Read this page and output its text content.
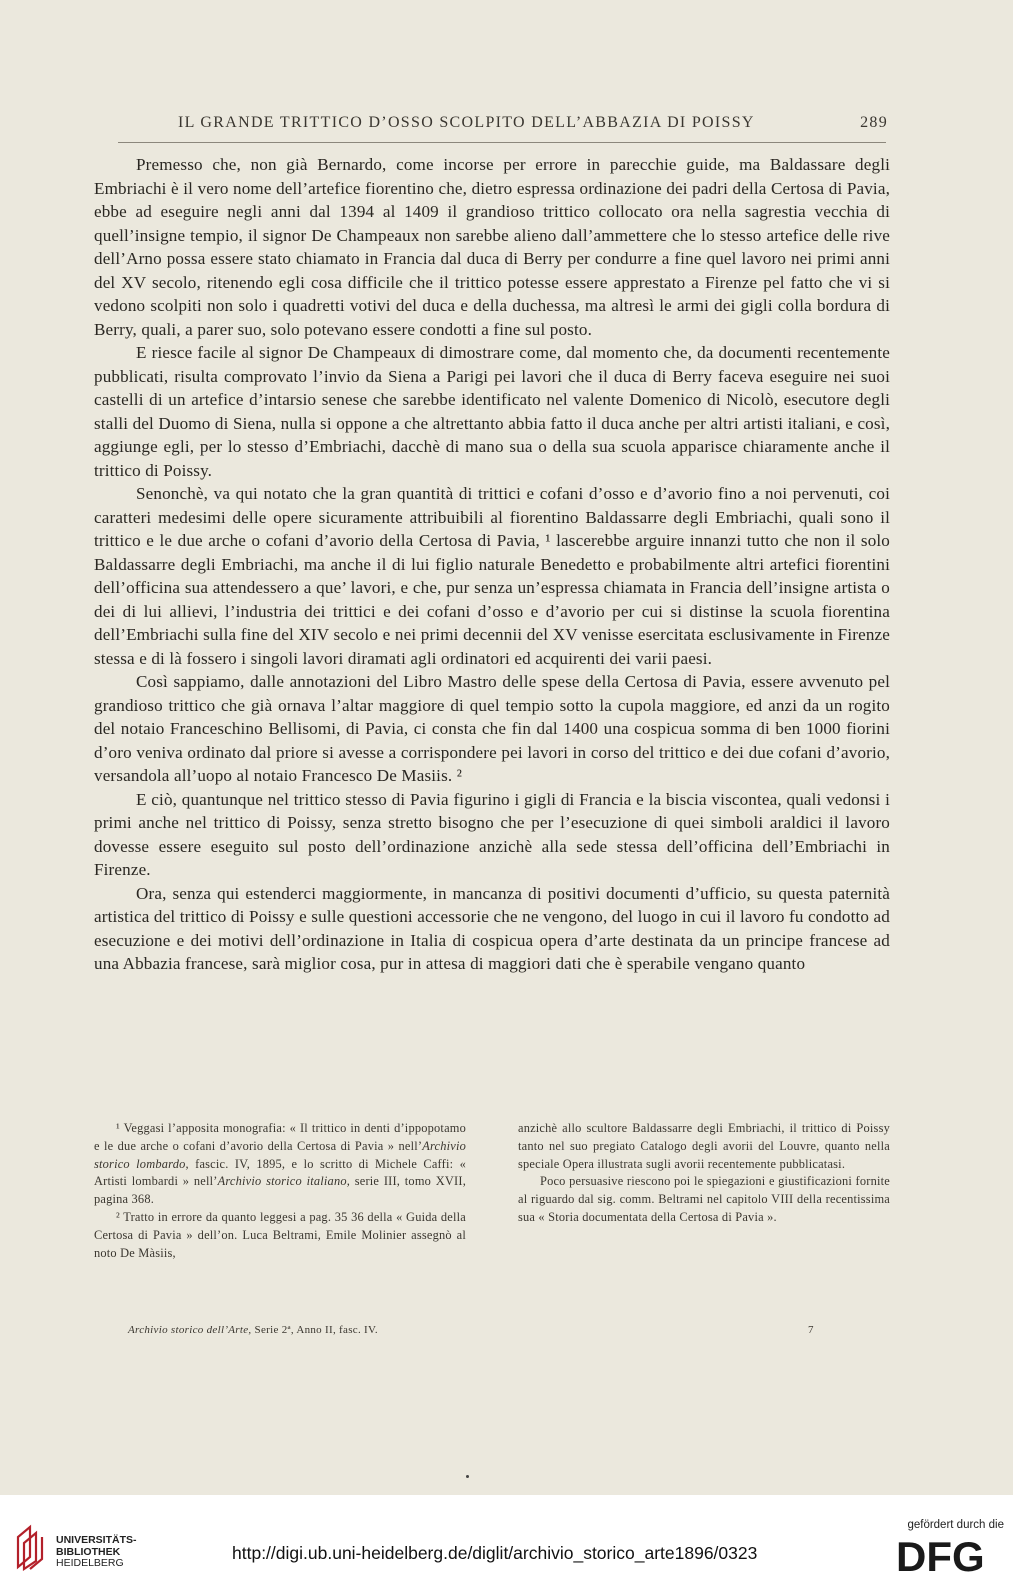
IL GRANDE TRITTICO D’OSSO SCOLPITO DELL’ABBAZIA DI POISSY	289

Premesso che, non già Bernardo, come incorse per errore in parecchie guide, ma Baldassare degli Embriachi è il vero nome dell’artefice fiorentino che, dietro espressa ordinazione dei padri della Certosa di Pavia, ebbe ad eseguire negli anni dal 1394 al 1409 il grandioso trittico collocato ora nella sagrestia vecchia di quell’insigne tempio, il signor De Champeaux non sarebbe alieno dall’ammettere che lo stesso artefice delle rive dell’Arno possa essere stato chiamato in Francia dal duca di Berry per condurre a fine quel lavoro nei primi anni del XV secolo, ritenendo egli cosa difficile che il trittico potesse essere apprestato a Firenze pel fatto che vi si vedono scolpiti non solo i quadretti votivi del duca e della duchessa, ma altresì le armi dei gigli colla bordura di Berry, quali, a parer suo, solo potevano essere condotti a fine sul posto.

E riesce facile al signor De Champeaux di dimostrare come, dal momento che, da documenti recentemente pubblicati, risulta comprovato l’invio da Siena a Parigi pei lavori che il duca di Berry faceva eseguire nei suoi castelli di un artefice d’intarsio senese che sarebbe identificato nel valente Domenico di Nicolò, esecutore degli stalli del Duomo di Siena, nulla si oppone a che altrettanto abbia fatto il duca anche per altri artisti italiani, e così, aggiunge egli, per lo stesso d’Embriachi, dacchè di mano sua o della sua scuola apparisce chiaramente anche il trittico di Poissy.

Senonchè, va qui notato che la gran quantità di trittici e cofani d’osso e d’avorio fino a noi pervenuti, coi caratteri medesimi delle opere sicuramente attribuibili al fiorentino Baldassarre degli Embriachi, quali sono il trittico e le due arche o cofani d’avorio della Certosa di Pavia, ¹ lascerebbe arguire innanzi tutto che non il solo Baldassarre degli Embriachi, ma anche il di lui figlio naturale Benedetto e probabilmente altri artefici fiorentini dell’officina sua attendessero a que’ lavori, e che, pur senza un’espressa chiamata in Francia dell’insigne artista o dei di lui allievi, l’industria dei trittici e dei cofani d’osso e d’avorio per cui si distinse la scuola fiorentina dell’Embriachi sulla fine del XIV secolo e nei primi decennii del XV venisse esercitata esclusivamente in Firenze stessa e di là fossero i singoli lavori diramati agli ordinatori ed acquirenti dei varii paesi.

Così sappiamo, dalle annotazioni del Libro Mastro delle spese della Certosa di Pavia, essere avvenuto pel grandioso trittico che già ornava l’altar maggiore di quel tempio sotto la cupola maggiore, ed anzi da un rogito del notaio Franceschino Bellisomi, di Pavia, ci consta che fin dal 1400 una cospicua somma di ben 1000 fiorini d’oro veniva ordinato dal priore si avesse a corrispondere pei lavori in corso del trittico e dei due cofani d’avorio, versandola all’uopo al notaio Francesco De Masiis. ²

E ciò, quantunque nel trittico stesso di Pavia figurino i gigli di Francia e la biscia viscontea, quali vedonsi i primi anche nel trittico di Poissy, senza stretto bisogno che per l’esecuzione di quei simboli araldici il lavoro dovesse essere eseguito sul posto dell’ordinazione anzichè alla sede stessa dell’officina dell’Embriachi in Firenze.

Ora, senza qui estenderci maggiormente, in mancanza di positivi documenti d’ufficio, su questa paternità artistica del trittico di Poissy e sulle questioni accessorie che ne vengono, del luogo in cui il lavoro fu condotto ad esecuzione e dei motivi dell’ordinazione in Italia di cospicua opera d’arte destinata da un principe francese ad una Abbazia francese, sarà miglior cosa, pur in attesa di maggiori dati che è sperabile vengano quanto

¹ Veggasi l’apposita monografia: « Il trittico in denti d’ippopotamo e le due arche o cofani d’avorio della Certosa di Pavia » nell’Archivio storico lombardo, fascic. IV, 1895, e lo scritto di Michele Caffi: « Artisti lombardi » nell’Archivio storico italiano, serie III, tomo XVII, pagina 368.

² Tratto in errore da quanto leggesi a pag. 35 36 della « Guida della Certosa di Pavia » dell’on. Luca Beltrami, Emile Molinier assegnò al noto De Màsiis,

anzichè allo scultore Baldassarre degli Embriachi, il trittico di Poissy tanto nel suo pregiato Catalogo degli avorii del Louvre, quanto nella speciale Opera illustrata sugli avorii recentemente pubblicatasi.

Poco persuasive riescono poi le spiegazioni e giustificazioni fornite al riguardo dal sig. comm. Beltrami nel capitolo VIII della recentissima sua « Storia documentata della Certosa di Pavia ».

Archivio storico dell’Arte, Serie 2ª, Anno II, fasc. IV.	7
UNIVERSITÄTS-
BIBLIOTHEK
HEIDELBERG	http://digi.ub.uni-heidelberg.de/diglit/archivio_storico_arte1896/0323
gefördert durch die
DFG
